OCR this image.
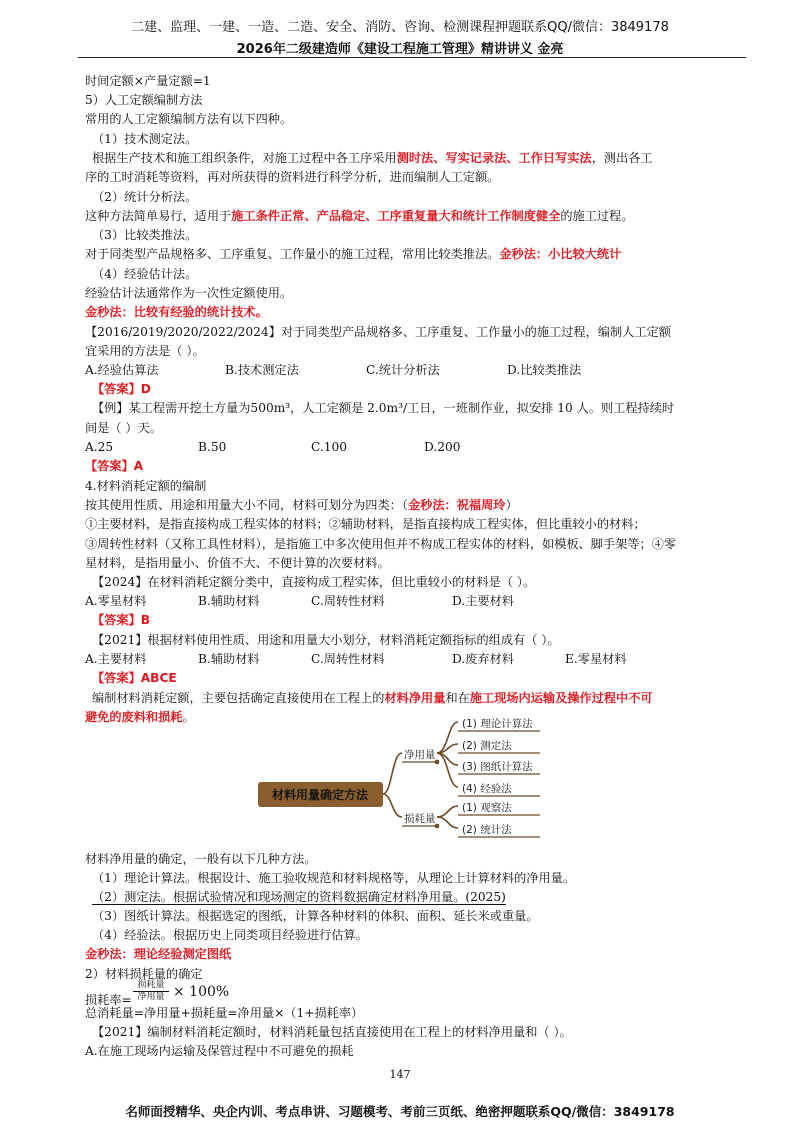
二建、监理、一建、一造、二造、安全、消防、咨询、检测课程押题联系QQ/微信：3849178
2026年二级建造师《建设工程施工管理》精讲讲义 金亮
时间定额×产量定额=1
5）人工定额编制方法
常用的人工定额编制方法有以下四种。
（1）技术测定法。
根据生产技术和施工组织条件，对施工过程中各工序采用测时法、写实记录法、工作日写实法，测出各工
序的工时消耗等资料，再对所获得的资料进行科学分析，进而编制人工定额。
（2）统计分析法。
这种方法简单易行，适用于施工条件正常、产品稳定、工序重复量大和统计工作制度健全的施工过程。
（3）比较类推法。
对于同类型产品规格多、工序重复、工作量小的施工过程，常用比较类推法。金秒法：小比较大统计
（4）经验估计法。
经验估计法通常作为一次性定额使用。
金秒法：比较有经验的统计技术。
【2016/2019/2020/2022/2024】对于同类型产品规格多、工序重复、工作量小的施工过程，编制人工定额
宜采用的方法是（ ）。
A.经验估算法	B.技术测定法	C.统计分析法	D.比较类推法
【答案】D
【例】某工程需开挖土方量为500m³，人工定额是 2.0m³/工日，一班制作业，拟安排 10 人。则工程持续时
间是（ ）天。
A.25	B.50	C.100	D.200
【答案】A
4.材料消耗定额的编制
按其使用性质、用途和用量大小不同，材料可划分为四类：（金秒法：祝福周玲）
①主要材料，是指直接构成工程实体的材料；②辅助材料，是指直接构成工程实体，但比重较小的材料；
③周转性材料（又称工具性材料），是指施工中多次使用但并不构成工程实体的材料，如模板、脚手架等；④零
星材料，是指用量小、价值不大、不便计算的次要材料。
【2024】在材料消耗定额分类中，直接构成工程实体，但比重较小的材料是（ ）。
A.零星材料	B.辅助材料	C.周转性材料	D.主要材料
【答案】B
【2021】根据材料使用性质、用途和用量大小划分，材料消耗定额指标的组成有（ ）。
A.主要材料	B.辅助材料	C.周转性材料	D.废弃材料	E.零星材料
【答案】ABCE
编制材料消耗定额，主要包括确定直接使用在工程上的材料净用量和在施工现场内运输及操作过程中不可
避免的废料和损耗。
材料用量确定方法
净用量
损耗量
(1) 理论计算法
(2) 测定法
(3) 图纸计算法
(4) 经验法
(1) 观察法
(2) 统计法
材料净用量的确定，一般有以下几种方法。
（1）理论计算法。根据设计、施工验收规范和材料规格等，从理论上计算材料的净用量。
（2）测定法。根据试验情况和现场测定的资料数据确定材料净用量。(2025)
（3）图纸计算法。根据选定的图纸，计算各种材料的体积、面积、延长米或重量。
（4）经验法。根据历史上同类项目经验进行估算。
金秒法：理论经验测定图纸
2）材料损耗量的确定
损耗率=
损耗量
净用量 × 100%
总消耗量=净用量+损耗量=净用量×（1+损耗率）
【2021】编制材料消耗定额时，材料消耗量包括直接使用在工程上的材料净用量和（ ）。
A.在施工现场内运输及保管过程中不可避免的损耗
147
名师面授精华、央企内训、考点串讲、习题模考、考前三页纸、绝密押题联系QQ/微信：3849178
